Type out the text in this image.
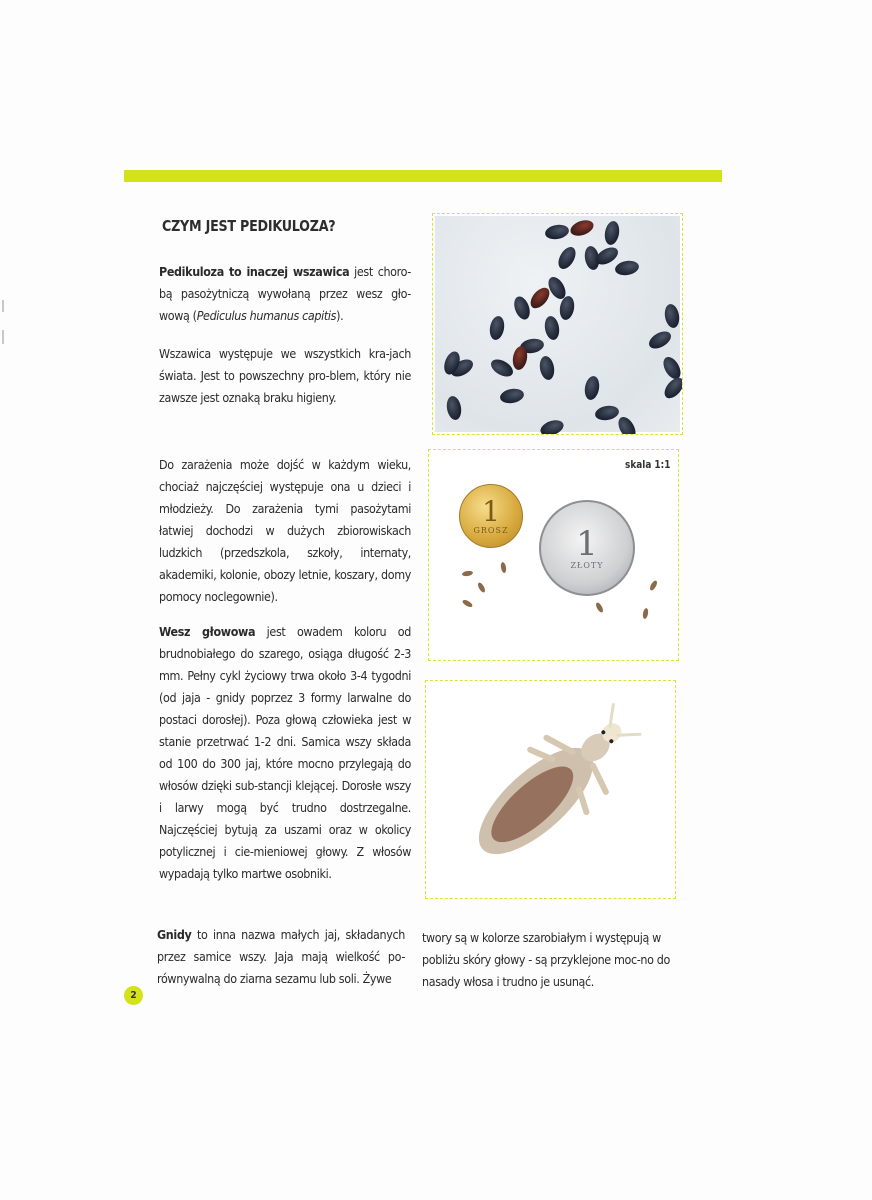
CZYM JEST PEDIKULOZA?
Pedikuloza to inaczej wszawica jest choro-bą pasożytniczą wywołaną przez wesz gło-wową (Pediculus humanus capitis).
Wszawica występuje we wszystkich kra-jach świata. Jest to powszechny pro-blem, który nie zawsze jest oznaką braku higieny.
Do zarażenia może dojść w każdym wieku, chociaż najczęściej występuje ona u dzieci i młodzieży. Do zarażenia tymi pasożytami łatwiej dochodzi w dużych zbiorowiskach ludzkich (przedszkola, szkoły, internaty, akademiki, kolonie, obozy letnie, koszary, domy pomocy noclegownie).
Wesz głowowa jest owadem koloru od brudnobiałego do szarego, osiąga długość 2-3 mm. Pełny cykl życiowy trwa około 3-4 tygodni (od jaja - gnidy poprzez 3 formy larwalne do postaci dorosłej). Poza głową człowieka jest w stanie przetrwać 1-2 dni. Samica wszy składa od 100 do 300 jaj, które mocno przylegają do włosów dzięki sub-stancji klejącej. Dorosłe wszy i larwy mogą być trudno dostrzegalne. Najczęściej bytują za uszami oraz w okolicy potylicznej i cie-mieniowej głowy. Z włosów wypadają tylko martwe osobniki.
Gnidy to inna nazwa małych jaj, składanych przez samice wszy. Jaja mają wielkość po-równywalną do ziarna sezamu lub soli. Żywe
twory są w kolorze szarobiałym i występują w pobliżu skóry głowy - są przyklejone moc-no do nasady włosa i trudno je usunąć.
skala 1:1
1
GROSZ 1
ZŁOTY
2
